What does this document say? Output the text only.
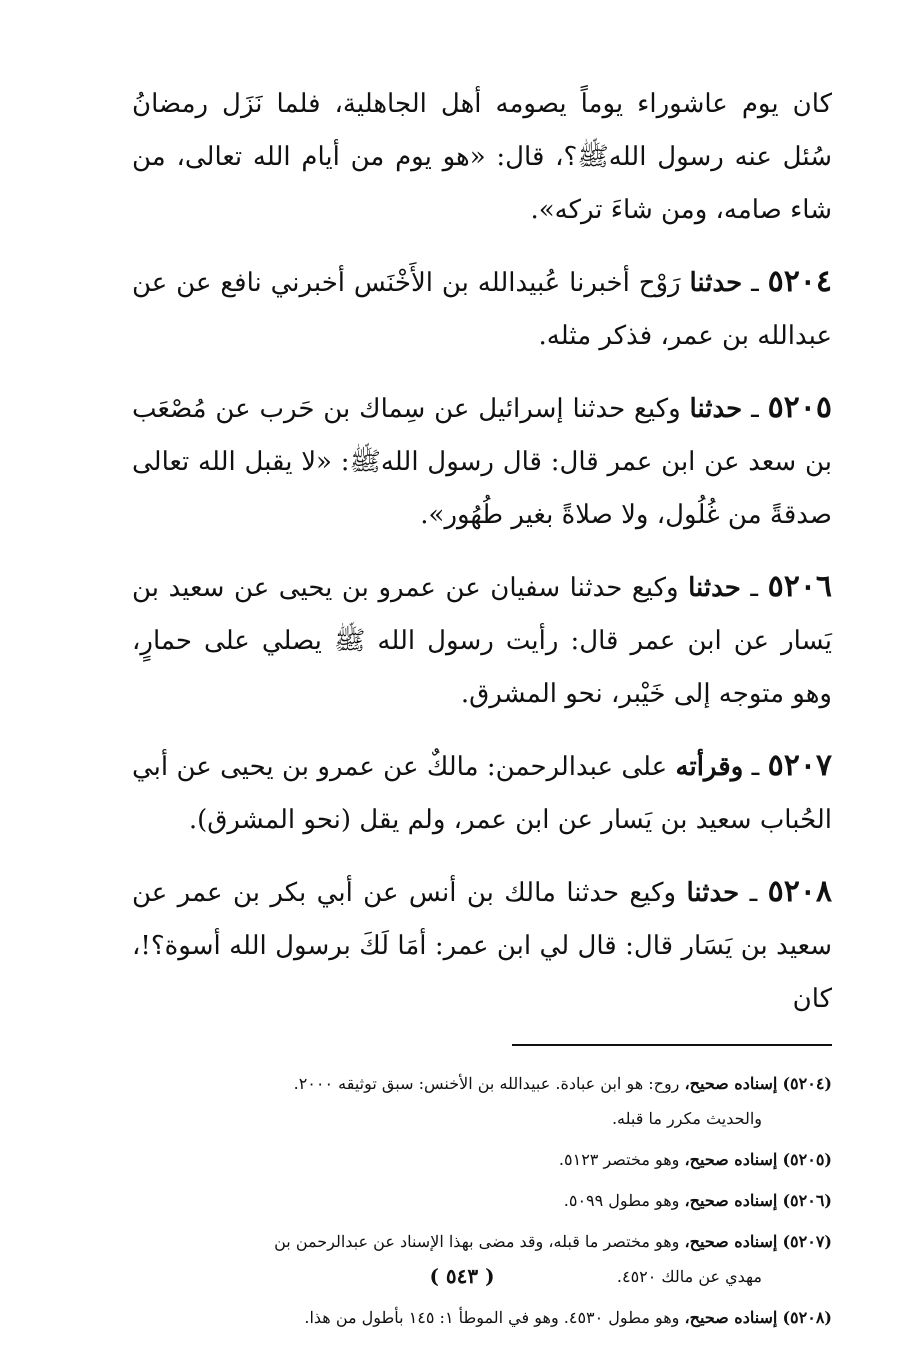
كان يوم عاشوراء يوماً يصومه أهل الجاهلية، فلما نَزَل رمضانُ سُئل عنه رسول اللهﷺ؟، قال: «هو يوم من أيام الله تعالى، من شاء صامه، ومن شاءَ تركه».

٥٢٠٤ ـ حدثنا رَوْح أخبرنا عُبيدالله بن الأَخْنَس أخبرني نافع عن عن عبدالله بن عمر، فذكر مثله.

٥٢٠٥ ـ حدثنا وكيع حدثنا إسرائيل عن سِماك بن حَرب عن مُصْعَب بن سعد عن ابن عمر قال: قال رسول اللهﷺ: «لا يقبل الله تعالى صدقةً من غُلُول، ولا صلاةً بغير طُهُور».

٥٢٠٦ ـ حدثنا وكيع حدثنا سفيان عن عمرو بن يحيى عن سعيد بن يَسار عن ابن عمر قال: رأيت رسول الله ﷺ يصلي على حمارٍ، وهو متوجه إلى خَيْبر، نحو المشرق.

٥٢٠٧ ـ وقرأته على عبدالرحمن: مالكٌ عن عمرو بن يحيى عن أبي الحُباب سعيد بن يَسار عن ابن عمر، ولم يقل (نحو المشرق).

٥٢٠٨ ـ حدثنا وكيع حدثنا مالك بن أنس عن أبي بكر بن عمر عن سعيد بن يَسَار قال: قال لي ابن عمر: أمَا لَكَ برسول الله أسوة؟!، كان

(٥٢٠٤) إسناده صحيح، روح: هو ابن عبادة. عبيدالله بن الأخنس: سبق توثيقه ٢٠٠٠.
والحديث مكرر ما قبله.

(٥٢٠٥) إسناده صحيح، وهو مختصر ٥١٢٣.

(٥٢٠٦) إسناده صحيح، وهو مطول ٥٠٩٩.

(٥٢٠٧) إسناده صحيح، وهو مختصر ما قبله، وقد مضى بهذا الإسناد عن عبدالرحمن بن
مهدي عن مالك ٤٥٢٠.

(٥٢٠٨) إسناده صحيح، وهو مطول ٤٥٣٠. وهو في الموطأ ١: ١٤٥ بأطول من هذا.

( ٥٤٣ )
